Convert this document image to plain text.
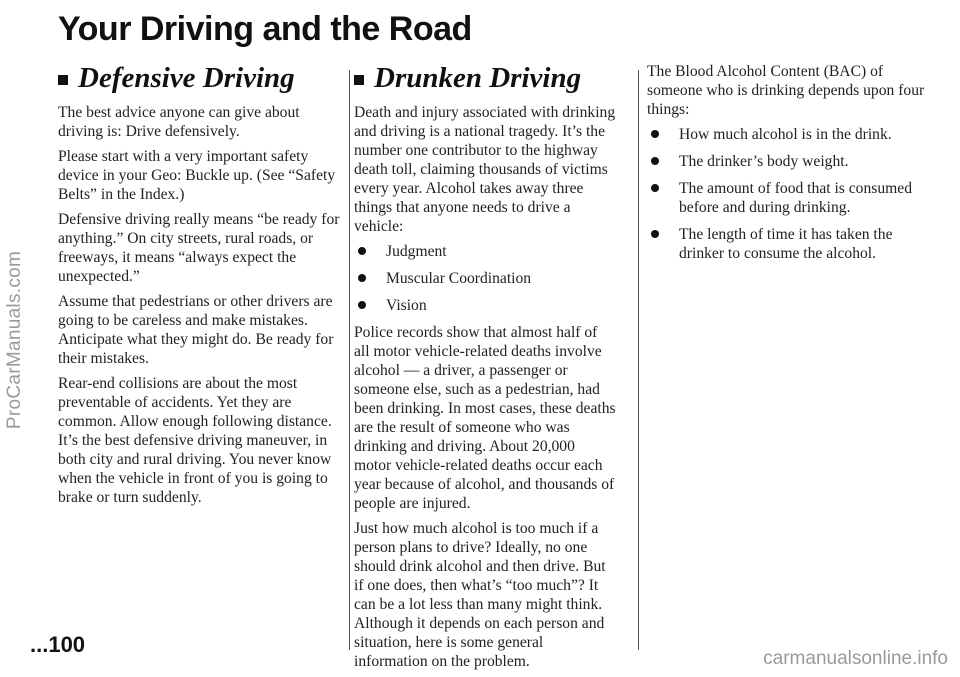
ProCarManuals.com
Your Driving and the Road
Defensive Driving

The best advice anyone can give about driving is: Drive defensively.

Please start with a very important safety device in your Geo: Buckle up. (See “Safety Belts” in the Index.)

Defensive driving really means “be ready for anything.” On city streets, rural roads, or freeways, it means “always expect the unexpected.”

Assume that pedestrians or other drivers are going to be careless and make mistakes. Anticipate what they might do. Be ready for their mistakes.

Rear-end collisions are about the most preventable of accidents. Yet they are common. Allow enough following distance. It’s the best defensive driving maneuver, in both city and rural driving. You never know when the vehicle in front of you is going to brake or turn suddenly.

Drunken Driving

Death and injury associated with drinking and driving is a national tragedy. It’s the number one contributor to the highway death toll, claiming thousands of victims every year. Alcohol takes away three things that anyone needs to drive a vehicle:

Judgment
Muscular Coordination
Vision

Police records show that almost half of all motor vehicle-related deaths involve alcohol — a driver, a passenger or someone else, such as a pedestrian, had been drinking. In most cases, these deaths are the result of someone who was drinking and driving. About 20,000 motor vehicle-related deaths occur each year because of alcohol, and thousands of people are injured.

Just how much alcohol is too much if a person plans to drive? Ideally, no one should drink alcohol and then drive. But if one does, then what’s “too much”? It can be a lot less than many might think. Although it depends on each person and situation, here is some general information on the problem.

The Blood Alcohol Content (BAC) of someone who is drinking depends upon four things:

How much alcohol is in the drink.
The drinker’s body weight.
The amount of food that is consumed before and during drinking.
The length of time it has taken the drinker to consume the alcohol.
...100
carmanualsonline.info
